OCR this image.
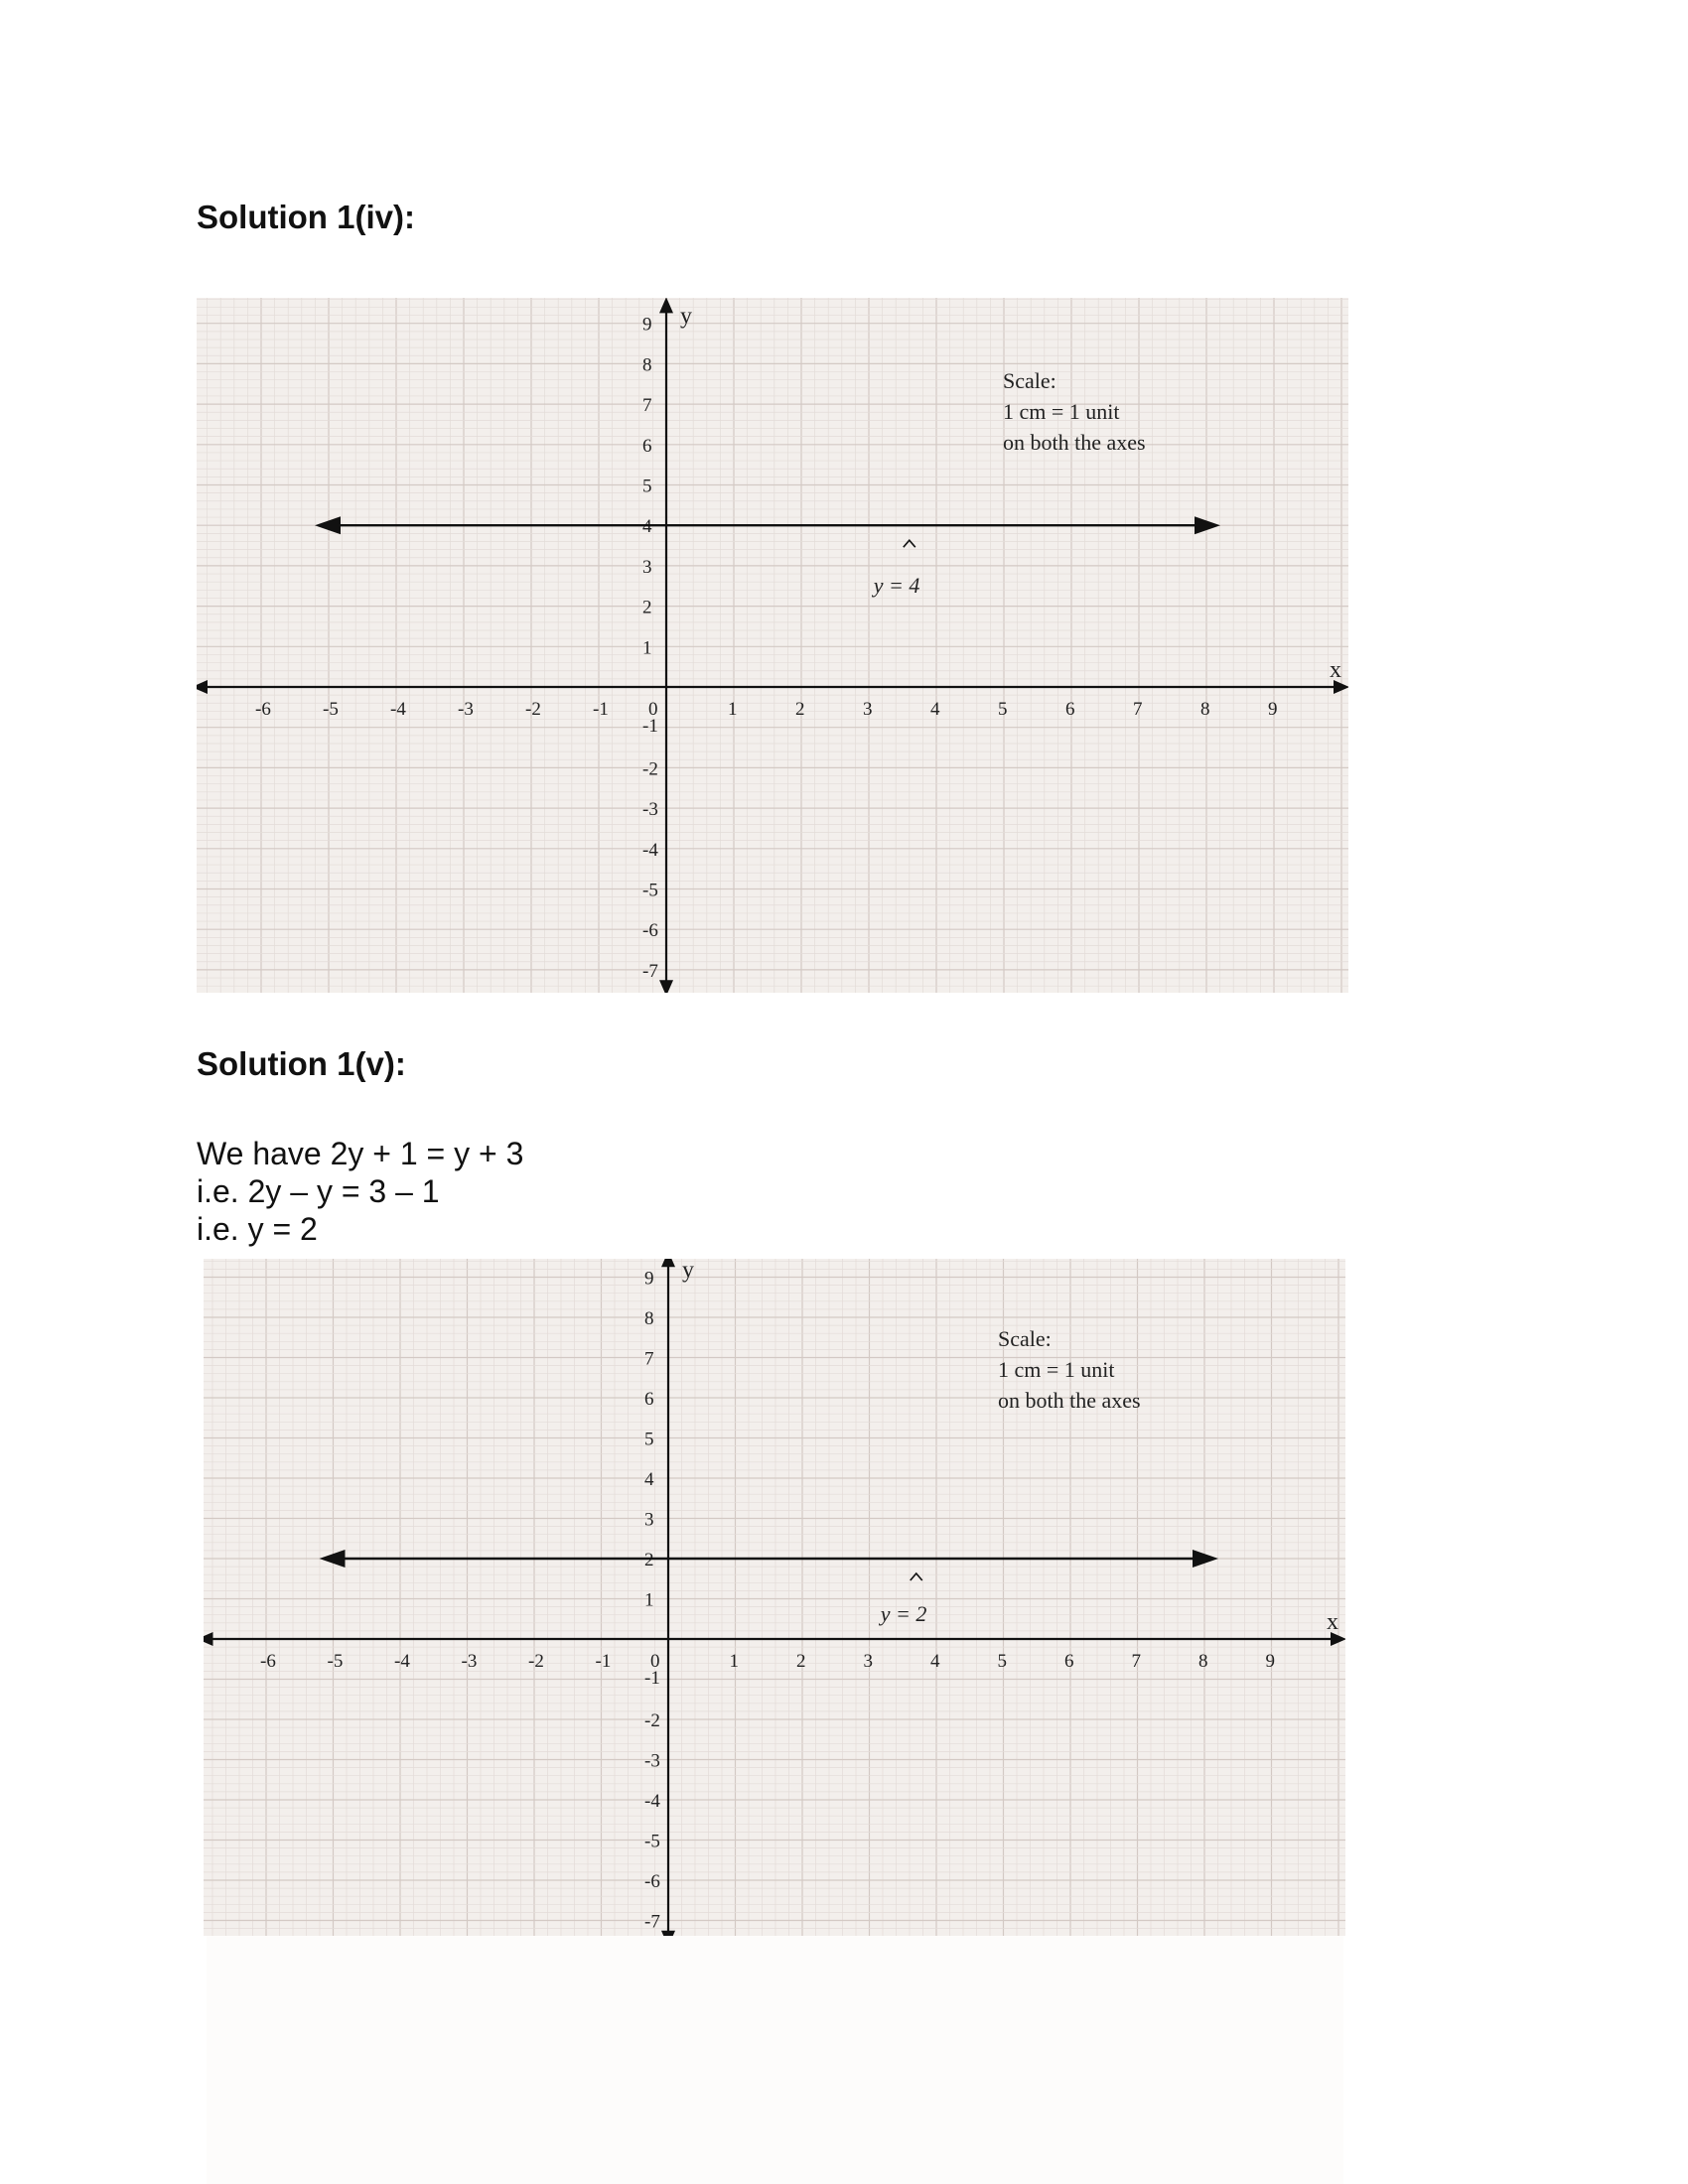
Solution 1(iv):
x
y
-6	-5	-4	-3	-2	-1 0	1	2	3	4	5	6	7	8	9
9
8
7
6
5
4
3
2
1
-1
-2
-3
-4
-5
-6
-7
Scale:
1 cm = 1 unit
on both the axes
y = 4
Solution 1(v):
We have 2y + 1 = y + 3
i.e. 2y – y = 3 – 1
i.e. y = 2
x
y
-6	-5	-4	-3	-2	-1 0	1	2	3	4	5	6	7	8	9
9
8
7
6
5
4
3
2
1
-1
-2
-3
-4
-5
-6
-7
Scale:
1 cm = 1 unit
on both the axes
y = 2
